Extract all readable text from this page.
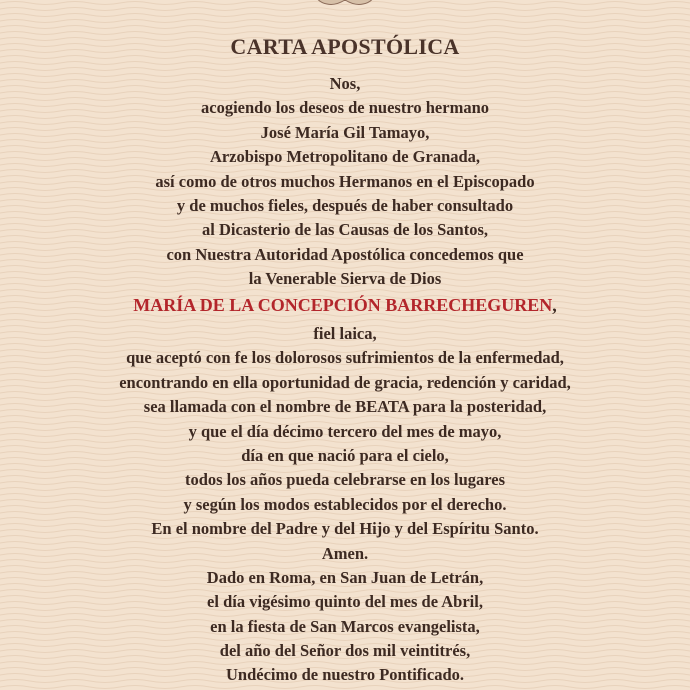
CARTA APOSTÓLICA
Nos,
acogiendo los deseos de nuestro hermano
José María Gil Tamayo,
Arzobispo Metropolitano de Granada,
así como de otros muchos Hermanos en el Episcopado
y de muchos fieles, después de haber consultado
al Dicasterio de las Causas de los Santos,
con Nuestra Autoridad Apostólica concedemos que
la Venerable Sierva de Dios
MARÍA DE LA CONCEPCIÓN BARRECHEGUREN,
fiel laica,
que aceptó con fe los dolorosos sufrimientos de la enfermedad,
encontrando en ella oportunidad de gracia, redención y caridad,
sea llamada con el nombre de BEATA para la posteridad,
y que el día décimo tercero del mes de mayo,
día en que nació para el cielo,
todos los años pueda celebrarse en los lugares
y según los modos establecidos por el derecho.
En el nombre del Padre y del Hijo y del Espíritu Santo.
Amen.
Dado en Roma, en San Juan de Letrán,
el día vigésimo quinto del mes de Abril,
en la fiesta de San Marcos evangelista,
del año del Señor dos mil veintitrés,
Undécimo de nuestro Pontificado.
